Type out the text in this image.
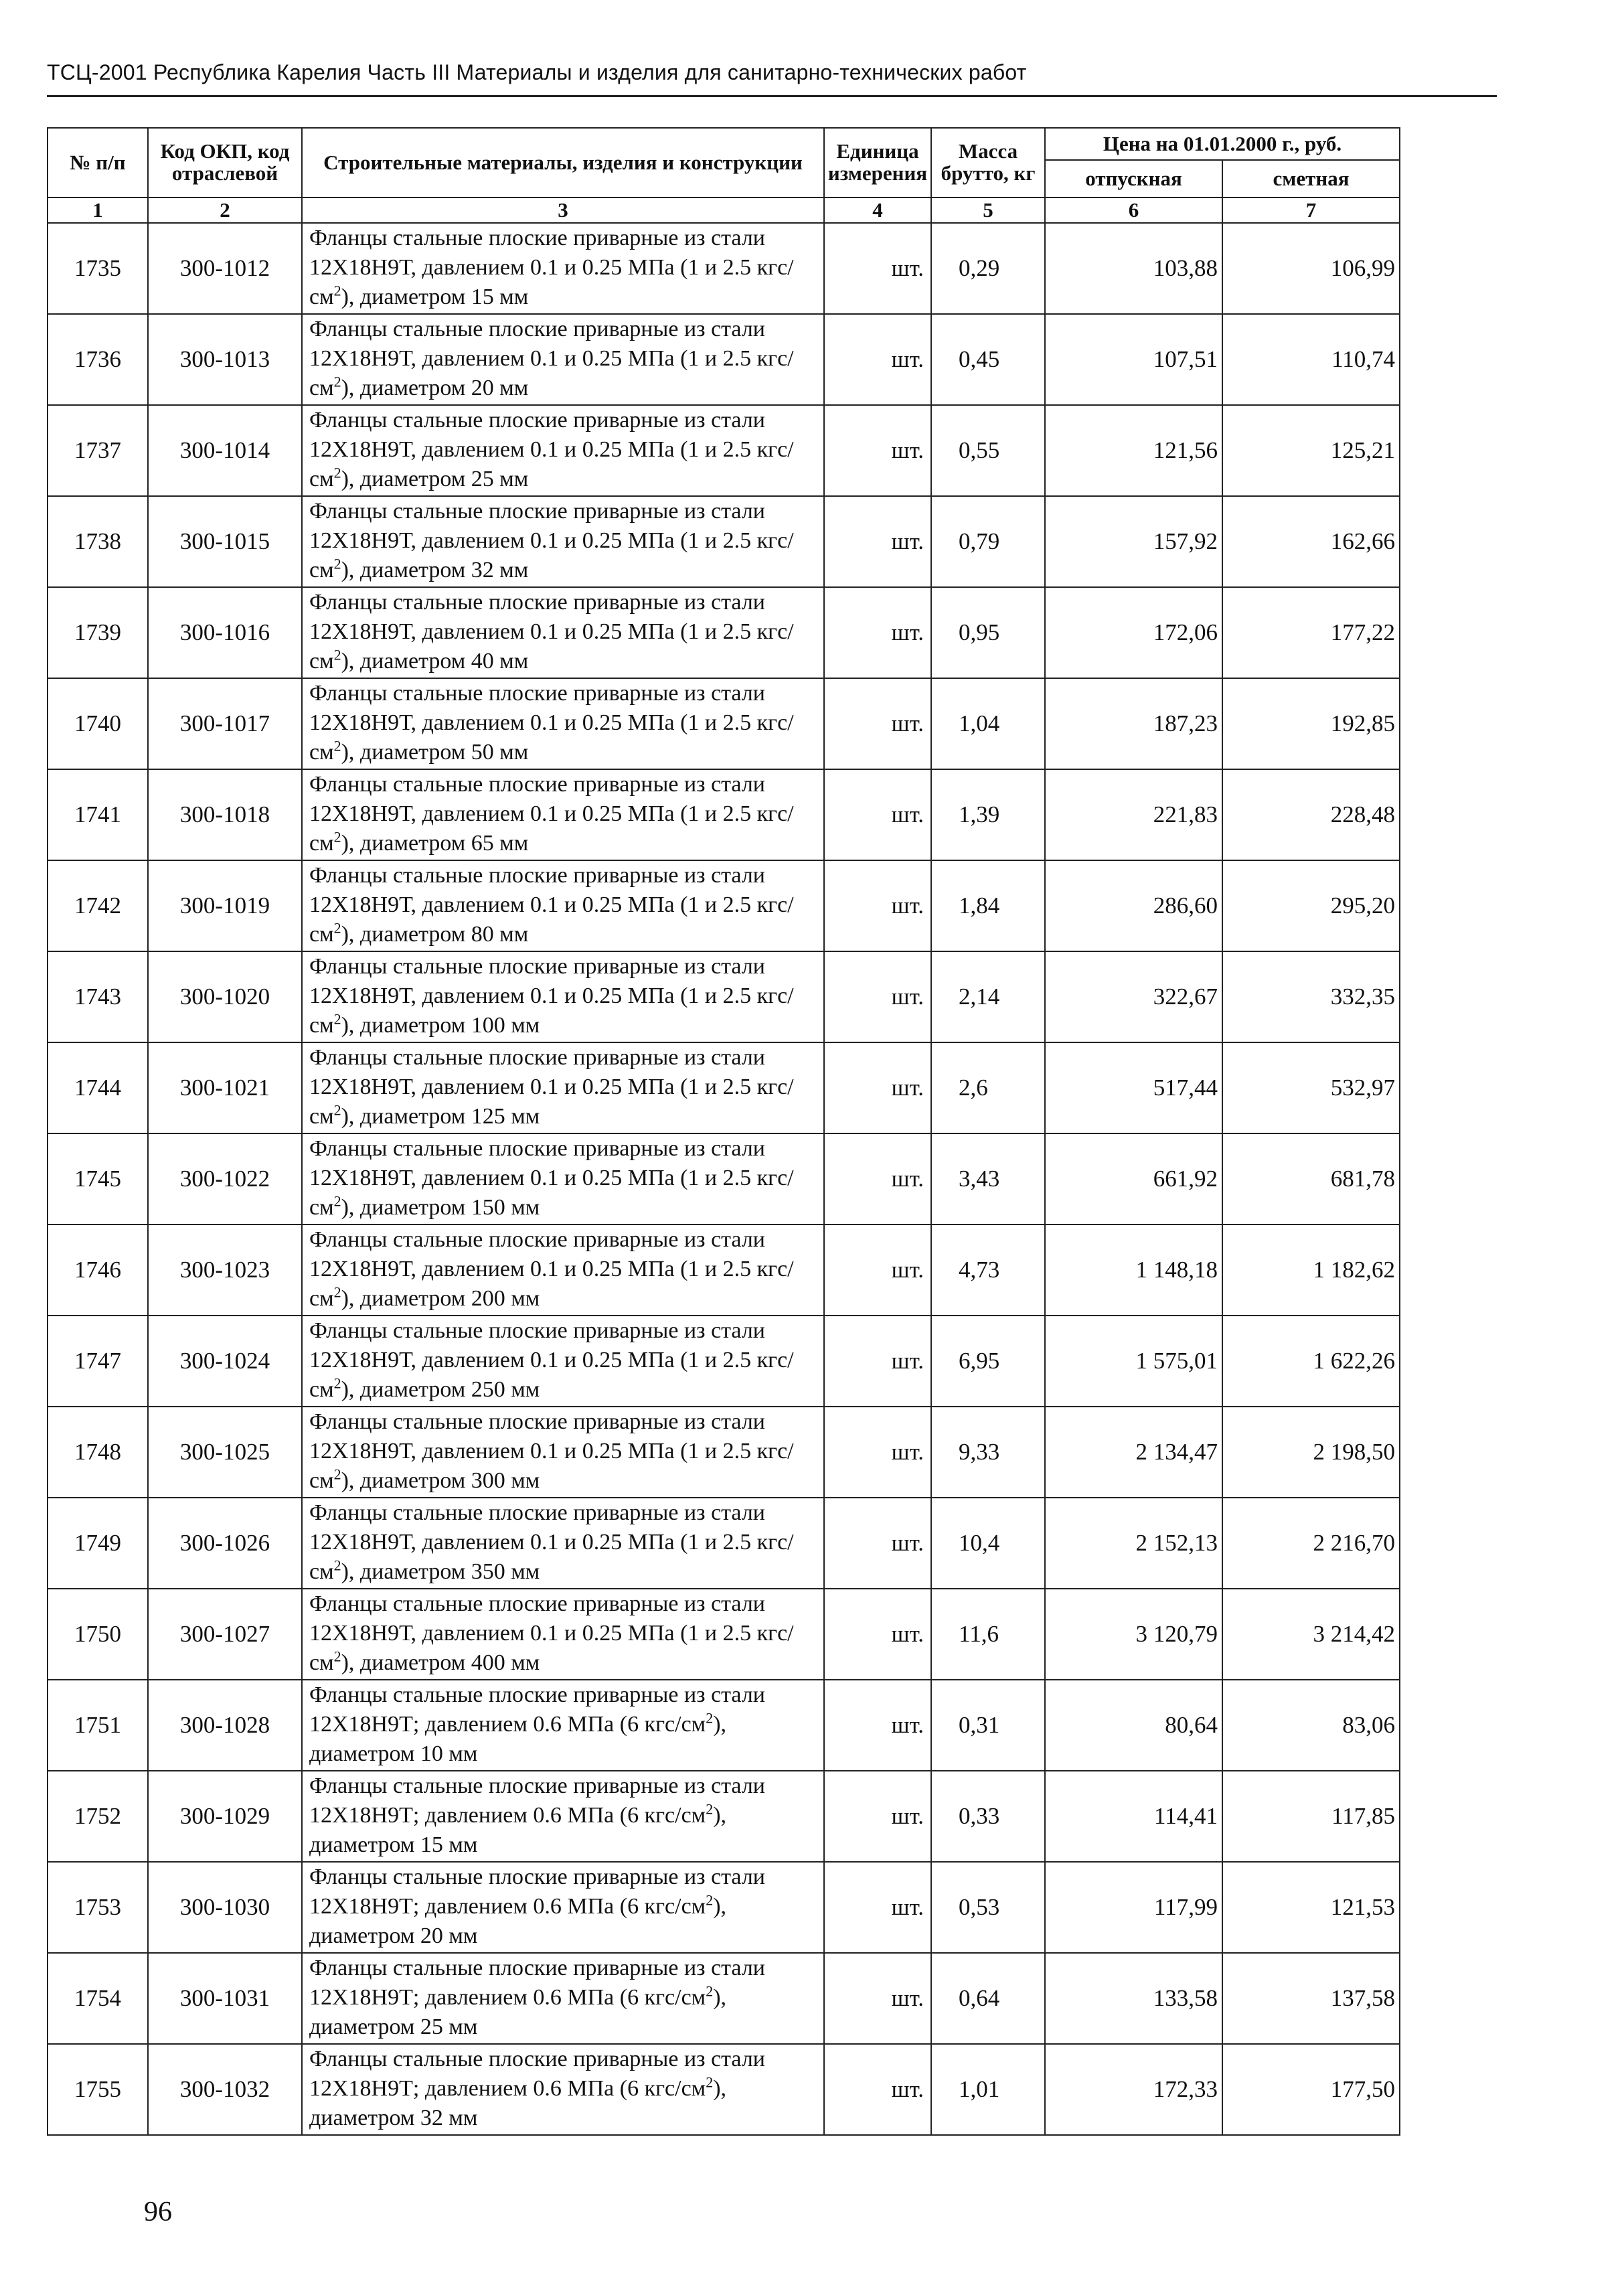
ТСЦ-2001 Республика Карелия Часть III Материалы и изделия для санитарно-технических работ
№ п/п	Код ОКП, код отраслевой	Строительные материалы, изделия и конструкции	Единица измерения	Масса брутто, кг	Цена на 01.01.2000 г., руб.	
					отпускная	сметная
1	2	3	4	5	6	7
1735	300-1012	Фланцы стальные плоские приварные из стали 12Х18Н9Т, давлением 0.1 и 0.25 МПа (1 и 2.5 кгс/$см^2$), диаметром 15 мм	шт.	0,29	103,88	106,99
1736	300-1013	Фланцы стальные плоские приварные из стали 12Х18Н9Т, давлением 0.1 и 0.25 МПа (1 и 2.5 кгс/$см^2$), диаметром 20 мм	шт.	0,45	107,51	110,74
1737	300-1014	Фланцы стальные плоские приварные из стали 12Х18Н9Т, давлением 0.1 и 0.25 МПа (1 и 2.5 кгс/$см^2$), диаметром 25 мм	шт.	0,55	121,56	125,21
1738	300-1015	Фланцы стальные плоские приварные из стали 12Х18Н9Т, давлением 0.1 и 0.25 МПа (1 и 2.5 кгс/$см^2$), диаметром 32 мм	шт.	0,79	157,92	162,66
1739	300-1016	Фланцы стальные плоские приварные из стали 12Х18Н9Т, давлением 0.1 и 0.25 МПа (1 и 2.5 кгс/$см^2$), диаметром 40 мм	шт.	0,95	172,06	177,22
1740	300-1017	Фланцы стальные плоские приварные из стали 12Х18Н9Т, давлением 0.1 и 0.25 МПа (1 и 2.5 кгс/$см^2$), диаметром 50 мм	шт.	1,04	187,23	192,85
1741	300-1018	Фланцы стальные плоские приварные из стали 12Х18Н9Т, давлением 0.1 и 0.25 МПа (1 и 2.5 кгс/$см^2$), диаметром 65 мм	шт.	1,39	221,83	228,48
1742	300-1019	Фланцы стальные плоские приварные из стали 12Х18Н9Т, давлением 0.1 и 0.25 МПа (1 и 2.5 кгс/$см^2$), диаметром 80 мм	шт.	1,84	286,60	295,20
1743	300-1020	Фланцы стальные плоские приварные из стали 12Х18Н9Т, давлением 0.1 и 0.25 МПа (1 и 2.5 кгс/$см^2$), диаметром 100 мм	шт.	2,14	322,67	332,35
1744	300-1021	Фланцы стальные плоские приварные из стали 12Х18Н9Т, давлением 0.1 и 0.25 МПа (1 и 2.5 кгс/$см^2$), диаметром 125 мм	шт.	2,6	517,44	532,97
1745	300-1022	Фланцы стальные плоские приварные из стали 12Х18Н9Т, давлением 0.1 и 0.25 МПа (1 и 2.5 кгс/$см^2$), диаметром 150 мм	шт.	3,43	661,92	681,78
1746	300-1023	Фланцы стальные плоские приварные из стали 12Х18Н9Т, давлением 0.1 и 0.25 МПа (1 и 2.5 кгс/$см^2$), диаметром 200 мм	шт.	4,73	1 148,18	1 182,62
1747	300-1024	Фланцы стальные плоские приварные из стали 12Х18Н9Т, давлением 0.1 и 0.25 МПа (1 и 2.5 кгс/$см^2$), диаметром 250 мм	шт.	6,95	1 575,01	1 622,26
1748	300-1025	Фланцы стальные плоские приварные из стали 12Х18Н9Т, давлением 0.1 и 0.25 МПа (1 и 2.5 кгс/$см^2$), диаметром 300 мм	шт.	9,33	2 134,47	2 198,50
1749	300-1026	Фланцы стальные плоские приварные из стали 12Х18Н9Т, давлением 0.1 и 0.25 МПа (1 и 2.5 кгс/$см^2$), диаметром 350 мм	шт.	10,4	2 152,13	2 216,70
1750	300-1027	Фланцы стальные плоские приварные из стали 12Х18Н9Т, давлением 0.1 и 0.25 МПа (1 и 2.5 кгс/$см^2$), диаметром 400 мм	шт.	11,6	3 120,79	3 214,42
1751	300-1028	Фланцы стальные плоские приварные из стали 12Х18Н9Т; давлением 0.6 МПа (6 кгс/$см^2$), диаметром 10 мм	шт.	0,31	80,64	83,06
1752	300-1029	Фланцы стальные плоские приварные из стали 12Х18Н9Т; давлением 0.6 МПа (6 кгс/$см^2$), диаметром 15 мм	шт.	0,33	114,41	117,85
1753	300-1030	Фланцы стальные плоские приварные из стали 12Х18Н9Т; давлением 0.6 МПа (6 кгс/$см^2$), диаметром 20 мм	шт.	0,53	117,99	121,53
1754	300-1031	Фланцы стальные плоские приварные из стали 12Х18Н9Т; давлением 0.6 МПа (6 кгс/$см^2$), диаметром 25 мм	шт.	0,64	133,58	137,58
1755	300-1032	Фланцы стальные плоские приварные из стали 12Х18Н9Т; давлением 0.6 МПа (6 кгс/$см^2$), диаметром 32 мм	шт.	1,01	172,33	177,50
96
